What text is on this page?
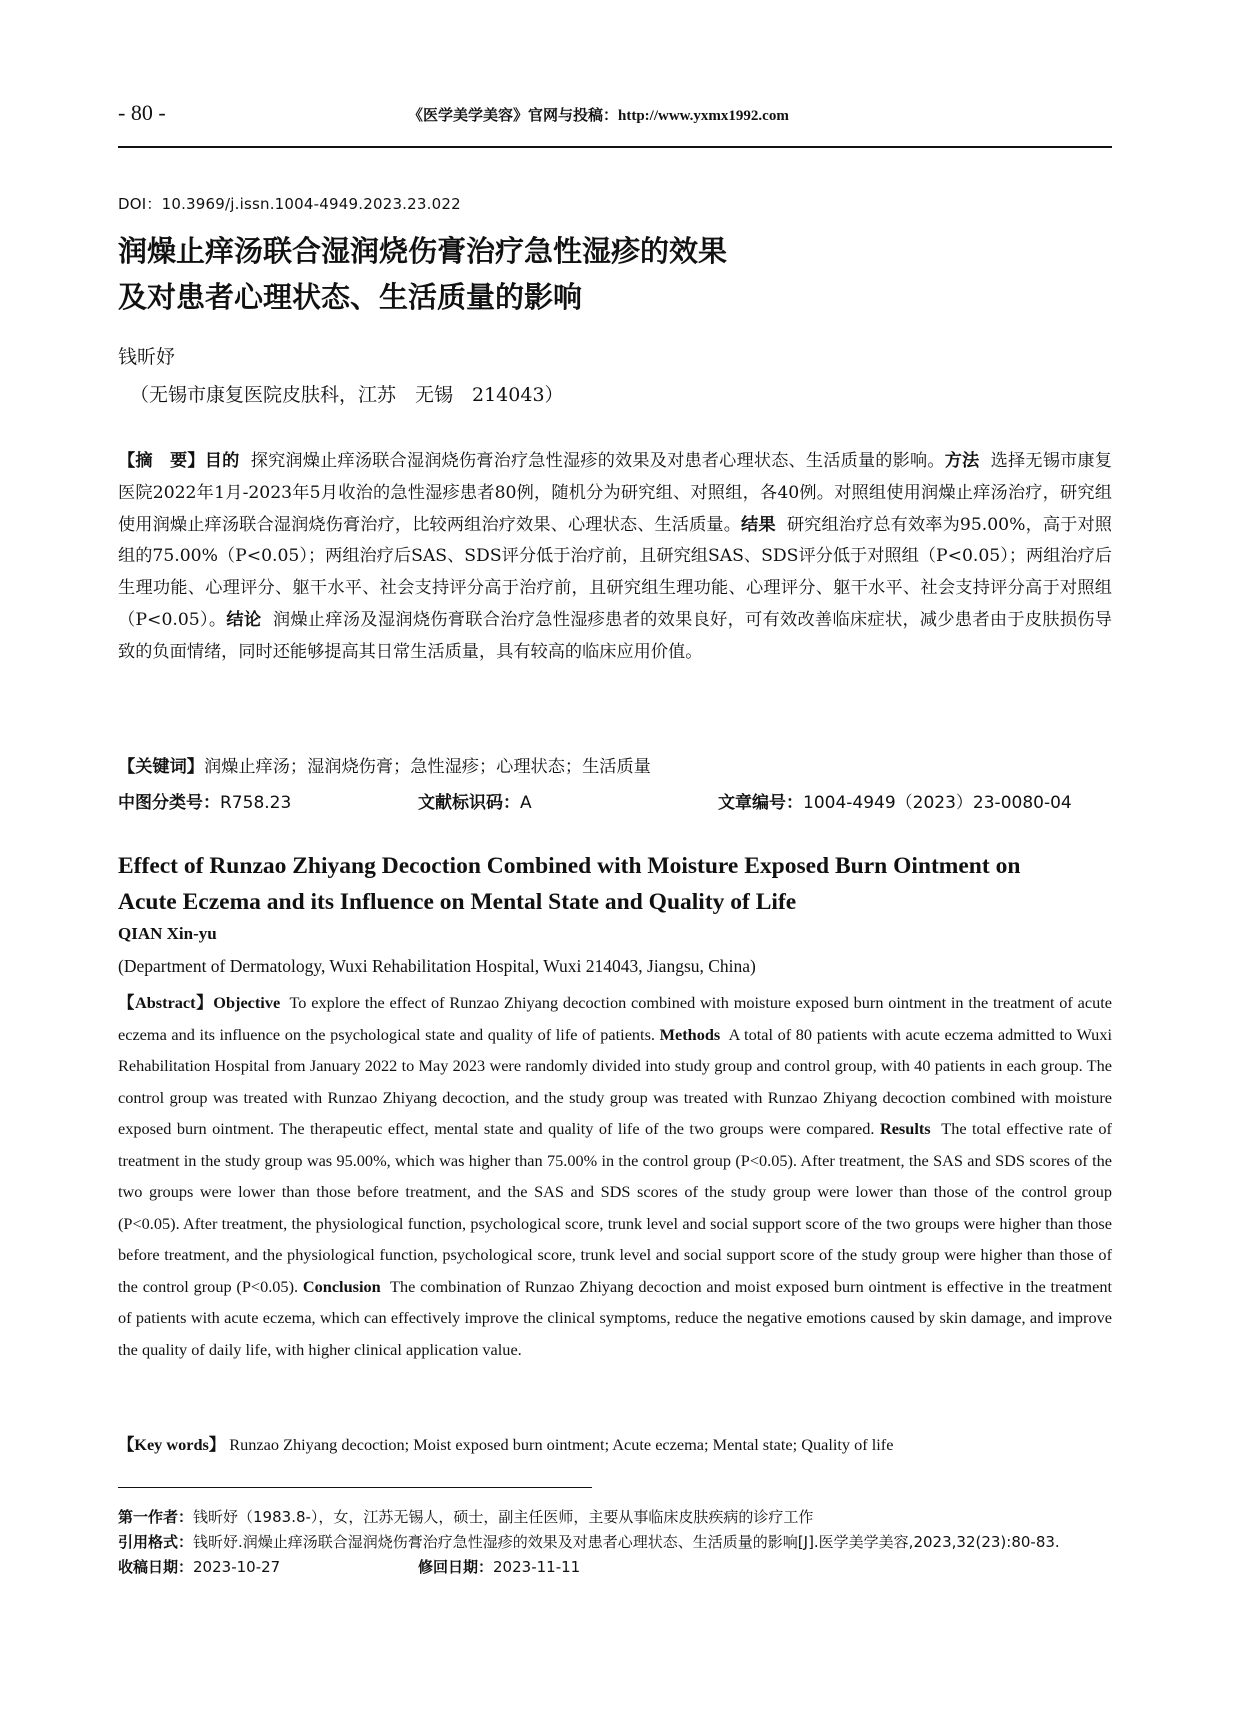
- 80 -	《医学美学美容》官网与投稿：http://www.yxmx1992.com
DOI：10.3969/j.issn.1004-4949.2023.23.022
润燥止痒汤联合湿润烧伤膏治疗急性湿疹的效果
及对患者心理状态、生活质量的影响
钱昕妤
（无锡市康复医院皮肤科，江苏　无锡　214043）
【摘　要】目的 探究润燥止痒汤联合湿润烧伤膏治疗急性湿疹的效果及对患者心理状态、生活质量的影响。方法 选择无锡市康复医院2022年1月-2023年5月收治的急性湿疹患者80例，随机分为研究组、对照组，各40例。对照组使用润燥止痒汤治疗，研究组使用润燥止痒汤联合湿润烧伤膏治疗，比较两组治疗效果、心理状态、生活质量。结果 研究组治疗总有效率为95.00%，高于对照组的75.00%（P<0.05）；两组治疗后SAS、SDS评分低于治疗前，且研究组SAS、SDS评分低于对照组（P<0.05）；两组治疗后生理功能、心理评分、躯干水平、社会支持评分高于治疗前，且研究组生理功能、心理评分、躯干水平、社会支持评分高于对照组（P<0.05）。结论 润燥止痒汤及湿润烧伤膏联合治疗急性湿疹患者的效果良好，可有效改善临床症状，减少患者由于皮肤损伤导致的负面情绪，同时还能够提高其日常生活质量，具有较高的临床应用价值。
【关键词】润燥止痒汤；湿润烧伤膏；急性湿疹；心理状态；生活质量
中图分类号：R758.23	文献标识码：A	文章编号：1004-4949（2023）23-0080-04
Effect of Runzao Zhiyang Decoction Combined with Moisture Exposed Burn Ointment on
Acute Eczema and its Influence on Mental State and Quality of Life
QIAN Xin-yu
(Department of Dermatology, Wuxi Rehabilitation Hospital, Wuxi 214043, Jiangsu, China)
【Abstract】Objective To explore the effect of Runzao Zhiyang decoction combined with moisture exposed burn ointment in the treatment of acute eczema and its influence on the psychological state and quality of life of patients. Methods A total of 80 patients with acute eczema admitted to Wuxi Rehabilitation Hospital from January 2022 to May 2023 were randomly divided into study group and control group, with 40 patients in each group. The control group was treated with Runzao Zhiyang decoction, and the study group was treated with Runzao Zhiyang decoction combined with moisture exposed burn ointment. The therapeutic effect, mental state and quality of life of the two groups were compared. Results The total effective rate of treatment in the study group was 95.00%, which was higher than 75.00% in the control group (P<0.05). After treatment, the SAS and SDS scores of the two groups were lower than those before treatment, and the SAS and SDS scores of the study group were lower than those of the control group (P<0.05). After treatment, the physiological function, psychological score, trunk level and social support score of the two groups were higher than those before treatment, and the physiological function, psychological score, trunk level and social support score of the study group were higher than those of the control group (P<0.05). Conclusion The combination of Runzao Zhiyang decoction and moist exposed burn ointment is effective in the treatment of patients with acute eczema, which can effectively improve the clinical symptoms, reduce the negative emotions caused by skin damage, and improve the quality of daily life, with higher clinical application value.
【Key words】 Runzao Zhiyang decoction; Moist exposed burn ointment; Acute eczema; Mental state; Quality of life
第一作者：钱昕妤（1983.8-），女，江苏无锡人，硕士，副主任医师，主要从事临床皮肤疾病的诊疗工作
引用格式：钱昕妤.润燥止痒汤联合湿润烧伤膏治疗急性湿疹的效果及对患者心理状态、生活质量的影响[J].医学美学美容,2023,32(23):80-83.
收稿日期：2023-10-27	修回日期：2023-11-11
